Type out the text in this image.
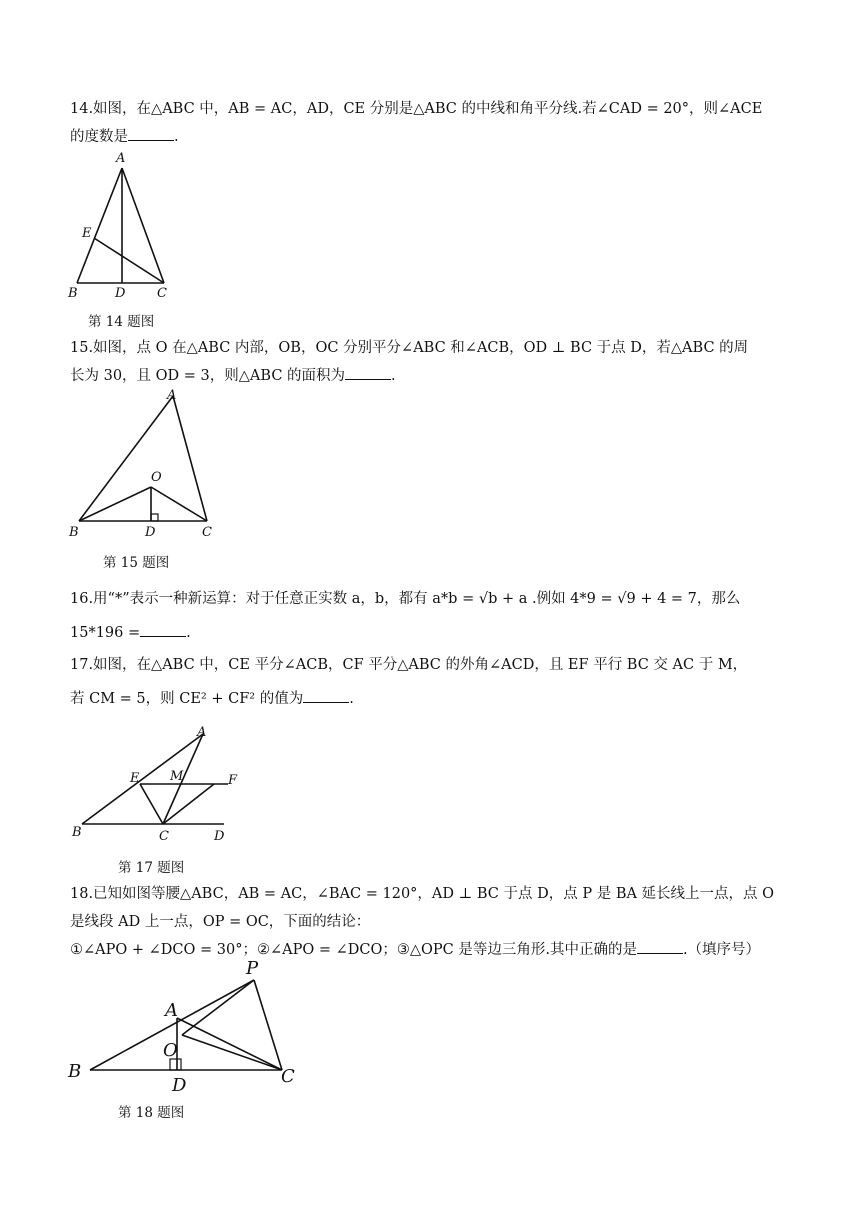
14.如图，在△ABC 中，AB = AC，AD，CE 分别是△ABC 的中线和角平分线.若∠CAD = 20°，则∠ACE

的度数是	.

A
E
B	D C
第 14 题图

15.如图，点 O 在△ABC 内部，OB，OC 分别平分∠ABC 和∠ACB，OD ⊥ BC 于点 D，若△ABC 的周

长为 30，且 OD = 3，则△ABC 的面积为	.

A
O
B	D	C
第 15 题图

16.用“*”表示一种新运算：对于任意正实数 a，b，都有 a*b = √b + a .例如 4*9 = √9 + 4 = 7，那么

15*196 =	.

17.如图，在△ABC 中，CE 平分∠ACB，CF 平分△ABC 的外角∠ACD，且 EF 平行 BC 交 AC 于 M，

若 CM = 5，则 CE² + CF² 的值为	.

A
E M	F
B	C	D
第 17 题图

18.已知如图等腰△ABC，AB = AC，∠BAC = 120°，AD ⊥ BC 于点 D，点 P 是 BA 延长线上一点，点 O

是线段 AD 上一点，OP = OC，下面的结论：

①∠APO + ∠DCO = 30°；②∠APO = ∠DCO；③△OPC 是等边三角形.其中正确的是	.（填序号）

P
A
O
B
D	C
第 18 题图
